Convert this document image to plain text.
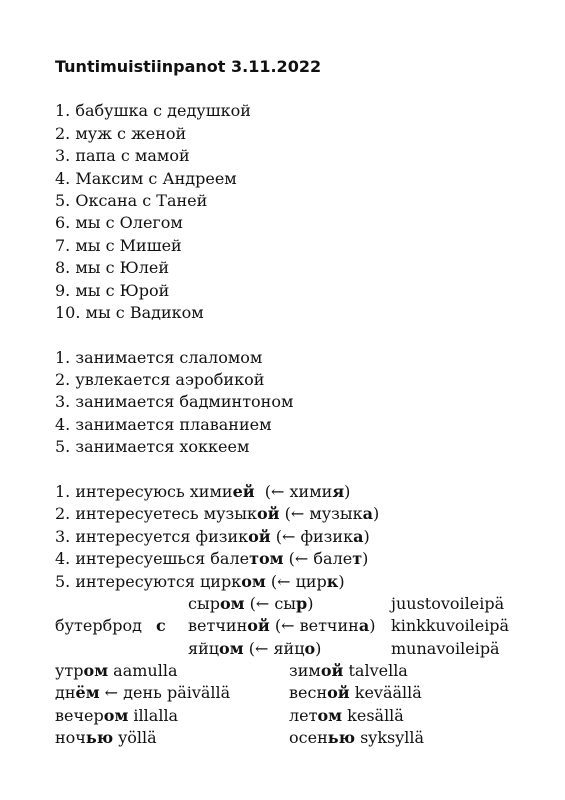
Tuntimuistiinpanot 3.11.2022
1. бабушка с дедушкой
2. муж с женой
3. папа с мамой
4. Максим с Андреем
5. Оксана с Таней
6. мы с Олегом
7. мы с Мишей
8. мы с Юлей
9. мы с Юрой
10. мы с Вадиком
1. занимается слаломом
2. увлекается аэробикой
3. занимается бадминтоном
4. занимается плаванием
5. занимается хоккеем
1. интересуюсь химией  (← химия)
2. интересуетесь музыкой (← музыка)
3. интересуется физикой (← физика)
4. интересуешься балетом (← балет)
5. интересуются цирком (← цирк)
бутерброд с
сыром (← сыр)
ветчиной (← ветчина)
яйцом (← яйцо)
juustovoileipä
kinkkuvoileipä
munavoileipä
утром aamulla
днём ← день päivällä
вечером illalla
ночью yöllä
зимой talvella
весной keväällä
летом kesällä
осенью syksyllä
